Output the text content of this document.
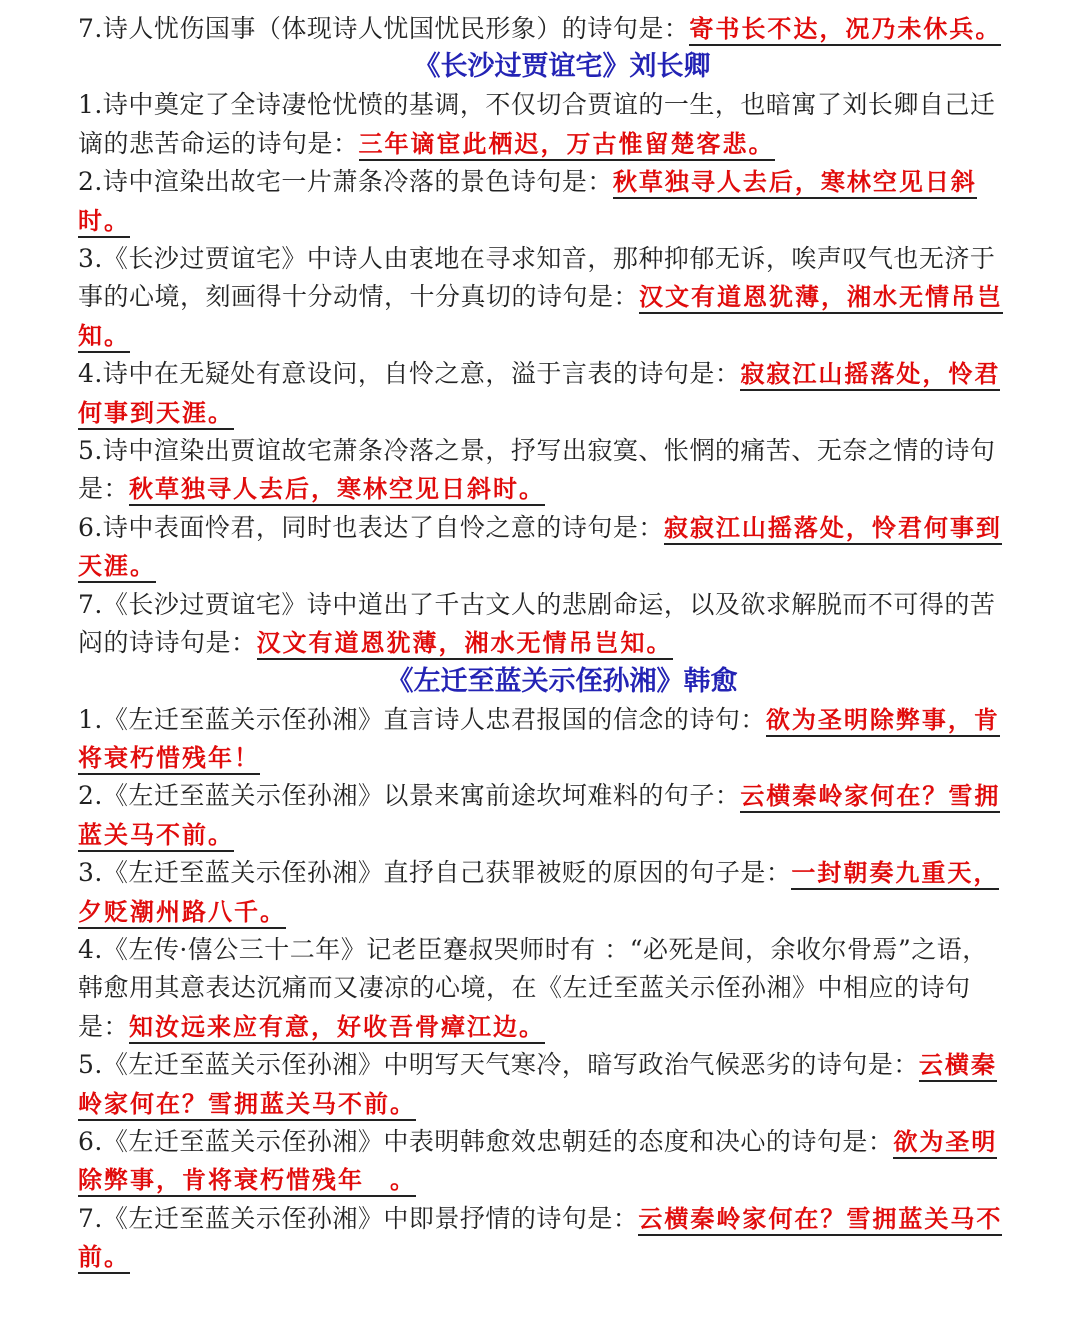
7.诗人忧伤国事（体现诗人忧国忧民形象）的诗句是：寄书长不达，况乃未休兵。

《长沙过贾谊宅》刘长卿

1.诗中奠定了全诗凄怆忧愤的基调，不仅切合贾谊的一生，也暗寓了刘长卿自己迁谪的悲苦命运的诗句是：三年谪宦此栖迟，万古惟留楚客悲。

2.诗中渲染出故宅一片萧条冷落的景色诗句是：秋草独寻人去后，寒林空见日斜时。

3.《长沙过贾谊宅》中诗人由衷地在寻求知音，那种抑郁无诉，唉声叹气也无济于事的心境，刻画得十分动情，十分真切的诗句是：汉文有道恩犹薄，湘水无情吊岂知。

4.诗中在无疑处有意设问，自怜之意，溢于言表的诗句是：寂寂江山摇落处，怜君何事到天涯。

5.诗中渲染出贾谊故宅萧条冷落之景，抒写出寂寞、怅惘的痛苦、无奈之情的诗句是：秋草独寻人去后，寒林空见日斜时。

6.诗中表面怜君，同时也表达了自怜之意的诗句是：寂寂江山摇落处，怜君何事到天涯。

7.《长沙过贾谊宅》诗中道出了千古文人的悲剧命运，以及欲求解脱而不可得的苦闷的诗诗句是：汉文有道恩犹薄，湘水无情吊岂知。

《左迁至蓝关示侄孙湘》韩愈

1.《左迁至蓝关示侄孙湘》直言诗人忠君报国的信念的诗句：欲为圣明除弊事，肯将衰朽惜残年！

2.《左迁至蓝关示侄孙湘》以景来寓前途坎坷难料的句子：云横秦岭家何在？雪拥蓝关马不前。

3.《左迁至蓝关示侄孙湘》直抒自己获罪被贬的原因的句子是：一封朝奏九重天，夕贬潮州路八千。

4.《左传·僖公三十二年》记老臣蹇叔哭师时有 ：“必死是间，余收尔骨焉”之语，韩愈用其意表达沉痛而又凄凉的心境，在《左迁至蓝关示侄孙湘》中相应的诗句是：知汝远来应有意，好收吾骨瘴江边。

5.《左迁至蓝关示侄孙湘》中明写天气寒冷，暗写政治气候恶劣的诗句是：云横秦岭家何在？雪拥蓝关马不前。

6.《左迁至蓝关示侄孙湘》中表明韩愈效忠朝廷的态度和决心的诗句是：欲为圣明除弊事，肯将衰朽惜残年　。

7.《左迁至蓝关示侄孙湘》中即景抒情的诗句是：云横秦岭家何在？雪拥蓝关马不前。
